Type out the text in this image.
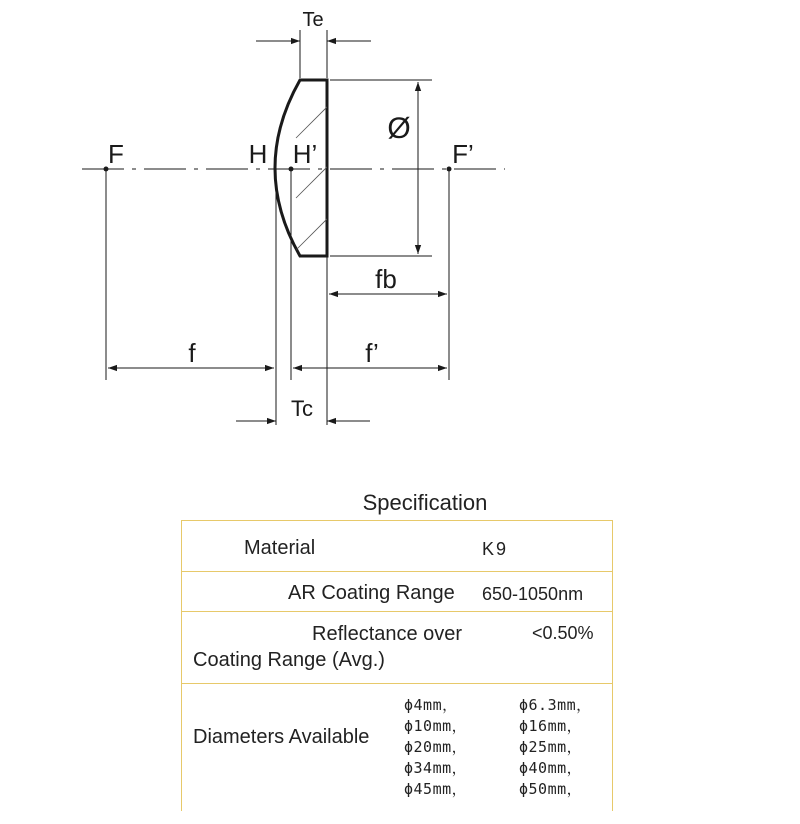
Te
Ø
F	H H’	F’
fb
f	f’
Tc
Specification
Material	K9
AR Coating Range 650-1050nm
Reflectance over
Coating Range (Avg.)
<0.50%
Diameters Available
ϕ4mm，	ϕ6.3mm，
ϕ10mm，	ϕ16mm，
ϕ20mm，	ϕ25mm，
ϕ34mm，	ϕ40mm，
ϕ45mm，	ϕ50mm，
